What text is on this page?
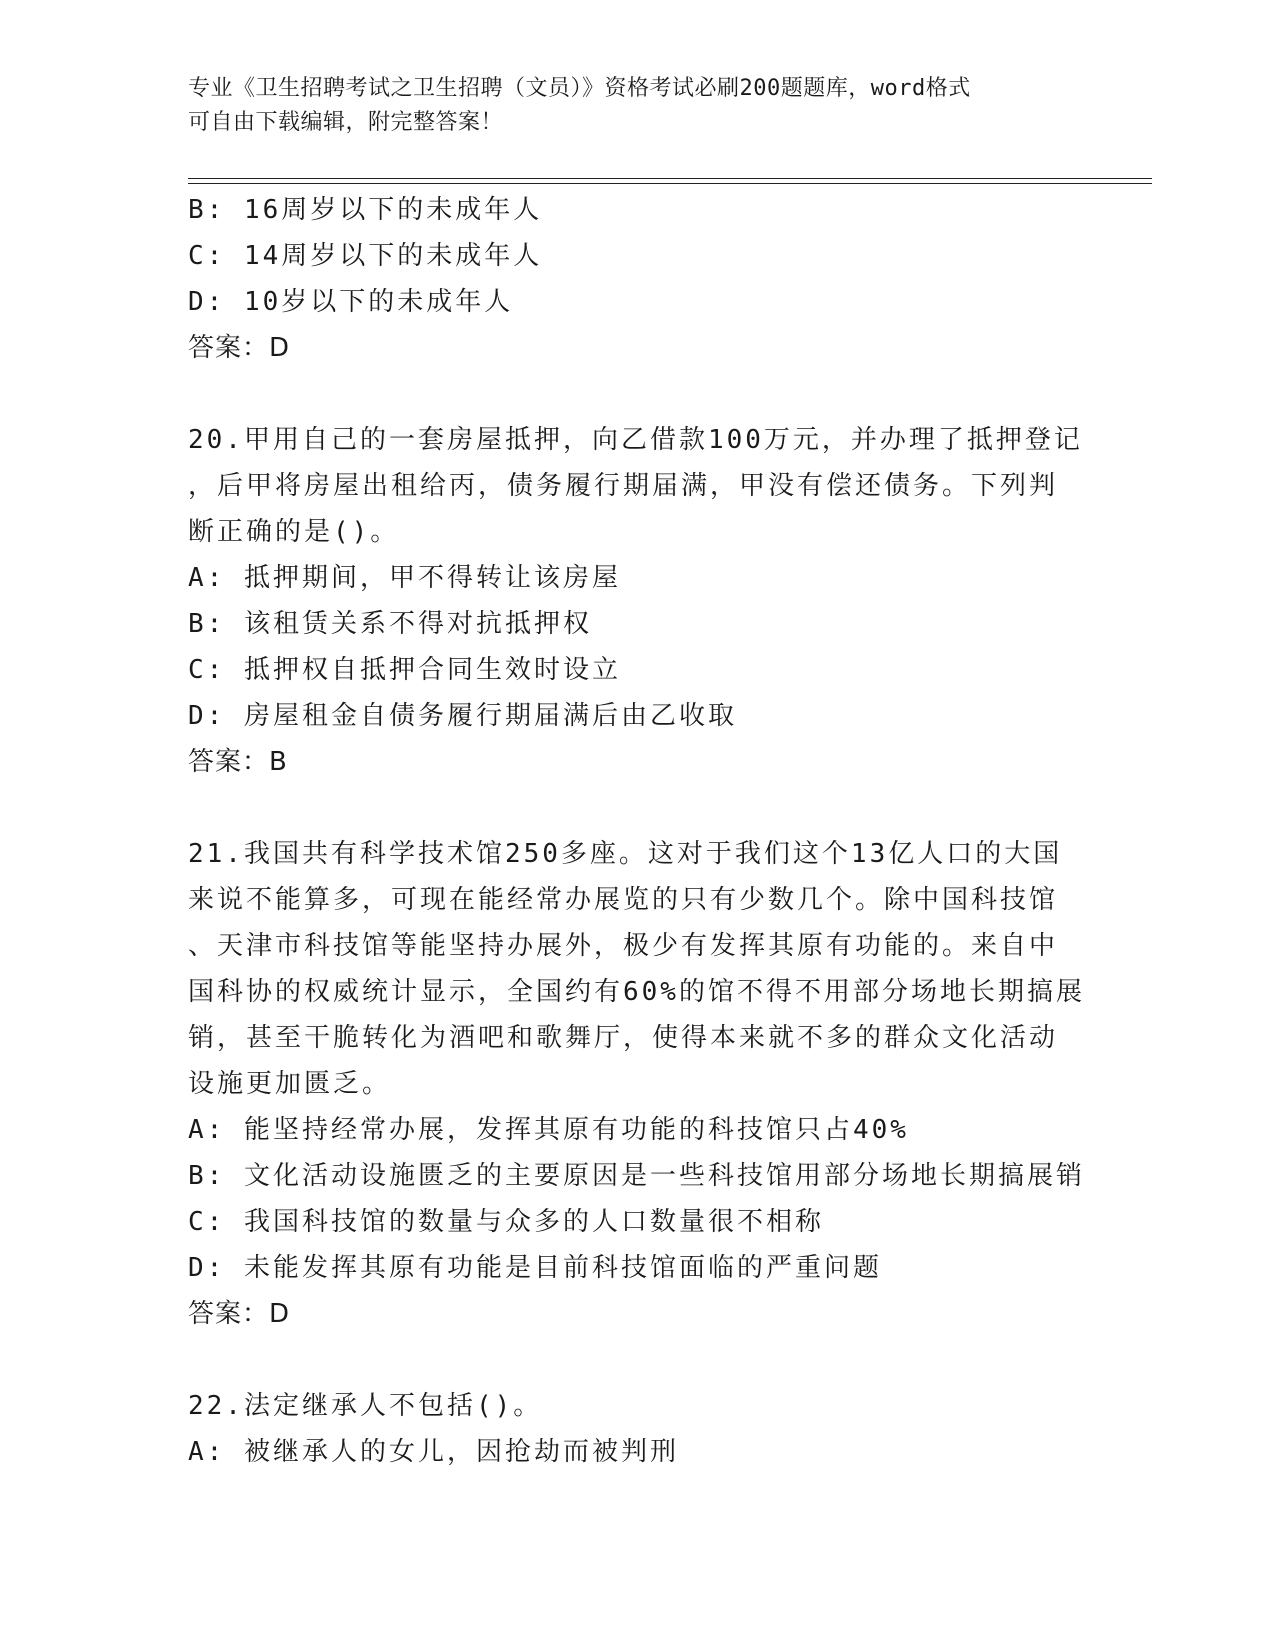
专业《卫生招聘考试之卫生招聘（文员）》资格考试必刷200题题库，word格式
可自由下载编辑，附完整答案！
B: 16周岁以下的未成年人
C: 14周岁以下的未成年人
D: 10岁以下的未成年人
答案：D
20.甲用自己的一套房屋抵押，向乙借款100万元，并办理了抵押登记
，后甲将房屋出租给丙，债务履行期届满，甲没有偿还债务。下列判
断正确的是()。
A: 抵押期间，甲不得转让该房屋
B: 该租赁关系不得对抗抵押权
C: 抵押权自抵押合同生效时设立
D: 房屋租金自债务履行期届满后由乙收取
答案：B
21.我国共有科学技术馆250多座。这对于我们这个13亿人口的大国
来说不能算多，可现在能经常办展览的只有少数几个。除中国科技馆
、天津市科技馆等能坚持办展外，极少有发挥其原有功能的。来自中
国科协的权威统计显示，全国约有60%的馆不得不用部分场地长期搞展
销，甚至干脆转化为酒吧和歌舞厅，使得本来就不多的群众文化活动
设施更加匮乏。
A: 能坚持经常办展，发挥其原有功能的科技馆只占40%
B: 文化活动设施匮乏的主要原因是一些科技馆用部分场地长期搞展销
C: 我国科技馆的数量与众多的人口数量很不相称
D: 未能发挥其原有功能是目前科技馆面临的严重问题
答案：D
22.法定继承人不包括()。
A: 被继承人的女儿，因抢劫而被判刑
